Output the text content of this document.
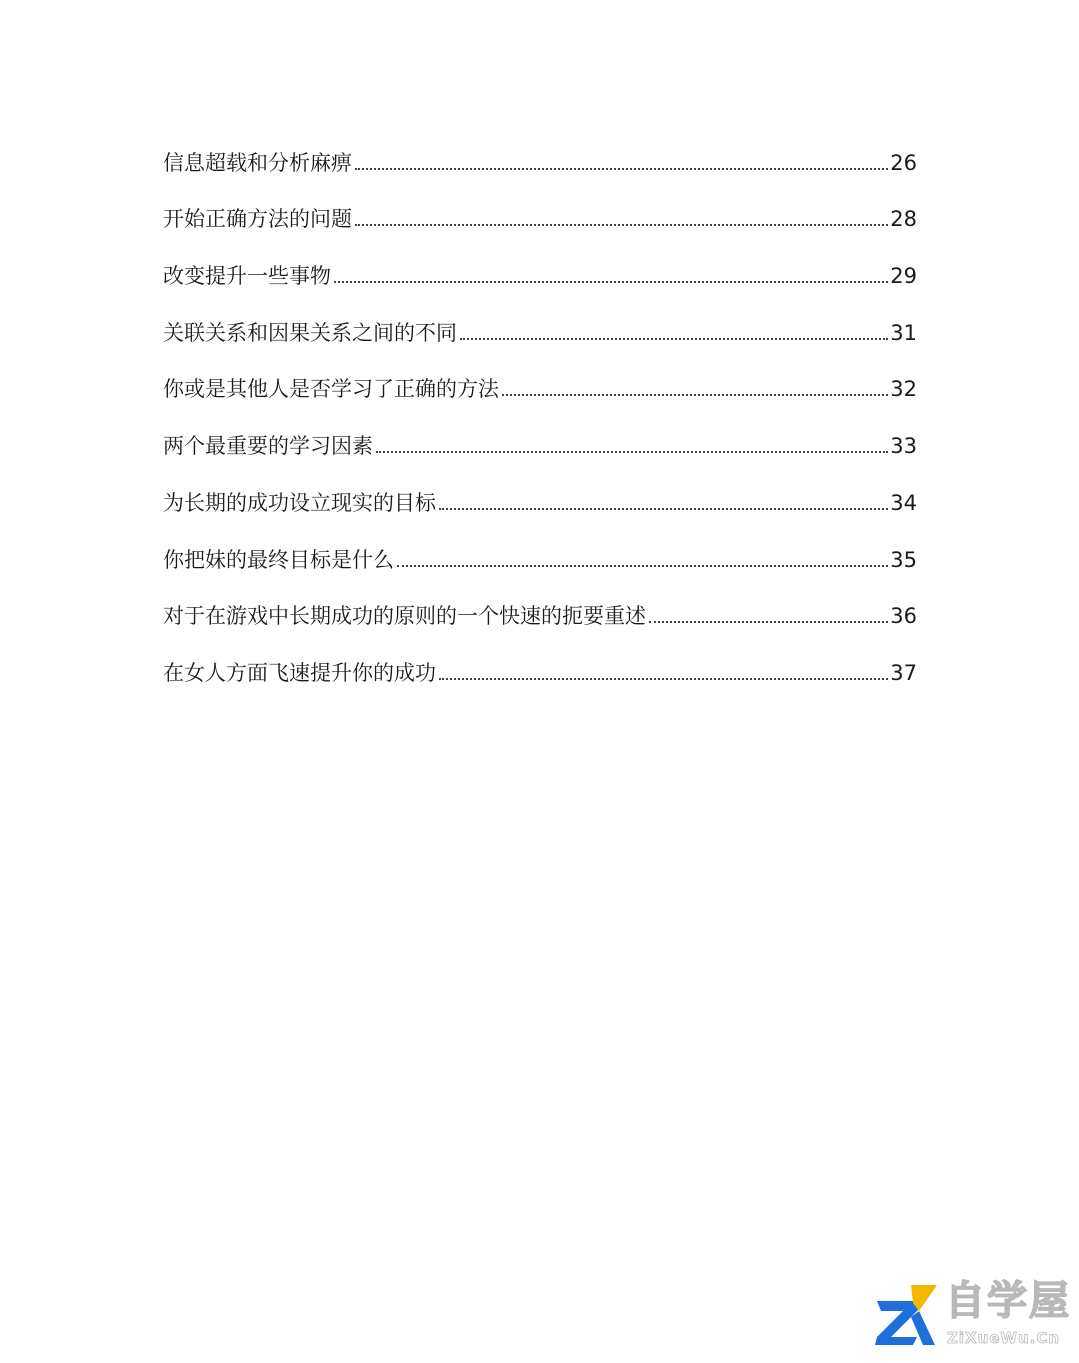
信息超载和分析麻痹	26
开始正确方法的问题	28
改变提升一些事物	29
关联关系和因果关系之间的不同	31
你或是其他人是否学习了正确的方法	32
两个最重要的学习因素	33
为长期的成功设立现实的目标	34
你把妹的最终目标是什么	35
对于在游戏中长期成功的原则的一个快速的扼要重述	36
在女人方面飞速提升你的成功	37
自学屋
ZiXueWu.Cn
